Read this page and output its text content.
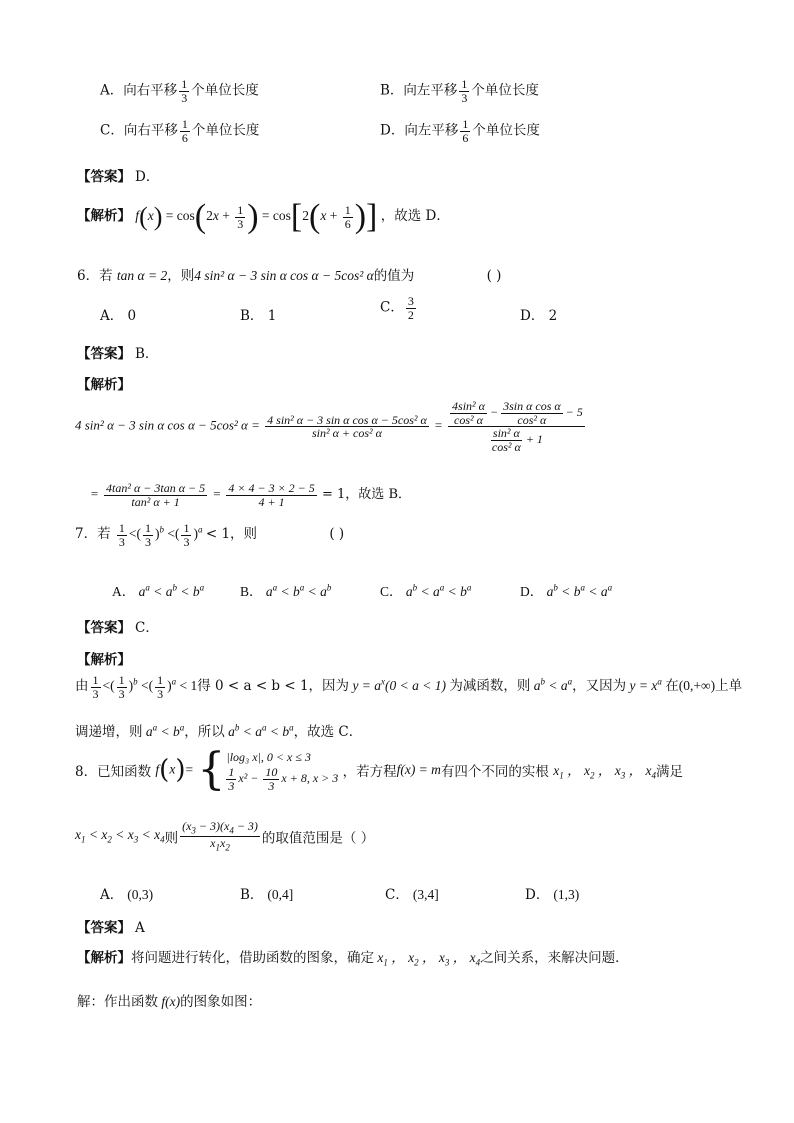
A．向右平移 $\frac{1}{3}$ 个单位长度	B．向左平移 $\frac{1}{3}$ 个单位长度
C．向右平移 $\frac{1}{6}$ 个单位长度	D．向左平移 $\frac{1}{6}$ 个单位长度
【答案】 D．
【解析】 $f(x) = \cos(2x + \frac{1}{3}$ ) = $\cos[2(x + \frac{1}{6}$ )] ，故选 D．
6．若 tan α = 2，则4 sin² α − 3 sin α cos α − 5cos² α的值为	( )
A． 0	B． 1
C． $\frac{3}{2}$	D． 2
【答案】 B．
【解析】
4 sin² α − 3 sin α cos α − 5cos² $\alpha = \frac{\text{4 sin² α − 3 sin α cos α − 5cos² α}}{\text{sin² α + cos² α}} = \frac{\frac{\text{4sin² α}}{\text{cos² α}} - \frac{\text{3sin α cos α}}{\text{cos² α}} - 5}{\frac{\text{sin² α}}{\text{cos² α}} + 1}$
= $\frac{\text{4tan² α − 3tan α − 5}}{\text{tan² α + 1}} = \frac{4 \times 4 - 3 \times 2 - 5}{4 + 1} = 1$，故选 B．
7．若 $\frac{1}{3}$ <( $\frac{1}{3} )^b$ <( $\frac{1}{3} )^a < 1$，则	( )
A． $a^a < a^b < b^a$	B． $a^a < b^a < a^b$	C． $a^b < a^a < b^a$	D． $a^b < b^a < a^a$
【答案】 C．
【解析】
由 $\frac{1}{3}$ <( $\frac{1}{3} )^b$ <( $\frac{1}{3} )^a < 1$得 0 < a < b < 1，因为 $y = a^x(0 < a < 1)$ 为减函数，则 $a^b < a^a$，又因为 $y = x^a$ 在(0,+∞)上单
调递增，则 $a^a < b^a$，所以 $a^b < a^a < b^a$，故选 C．
8．已知函数 f(x)= { |log₃ x|, 0 < x ≤ 3
$\frac{1}{3} x^2 - \frac{10}{3}$ x + 8, x > 3 ，若方程f(x) = m有四个不同的实根 $x_1$ ， $x_2$ ， $x_3$ ， $x_4$满足
$x_1 < x_2 < x_3 < x_4$则 $\frac{(x_3 - 3)(x_4 - 3)}{x_1x_2}$ 的取值范围是（ ）
A． (0,3)	B． (0,4]	C． (3,4]	D． (1,3)
【答案】 A
【解析】将问题进行转化，借助函数的图象，确定 $x_1$ ， $x_2$ ， $x_3$ ， $x_4$之间关系，来解决问题．
解：作出函数 f(x)的图象如图：
